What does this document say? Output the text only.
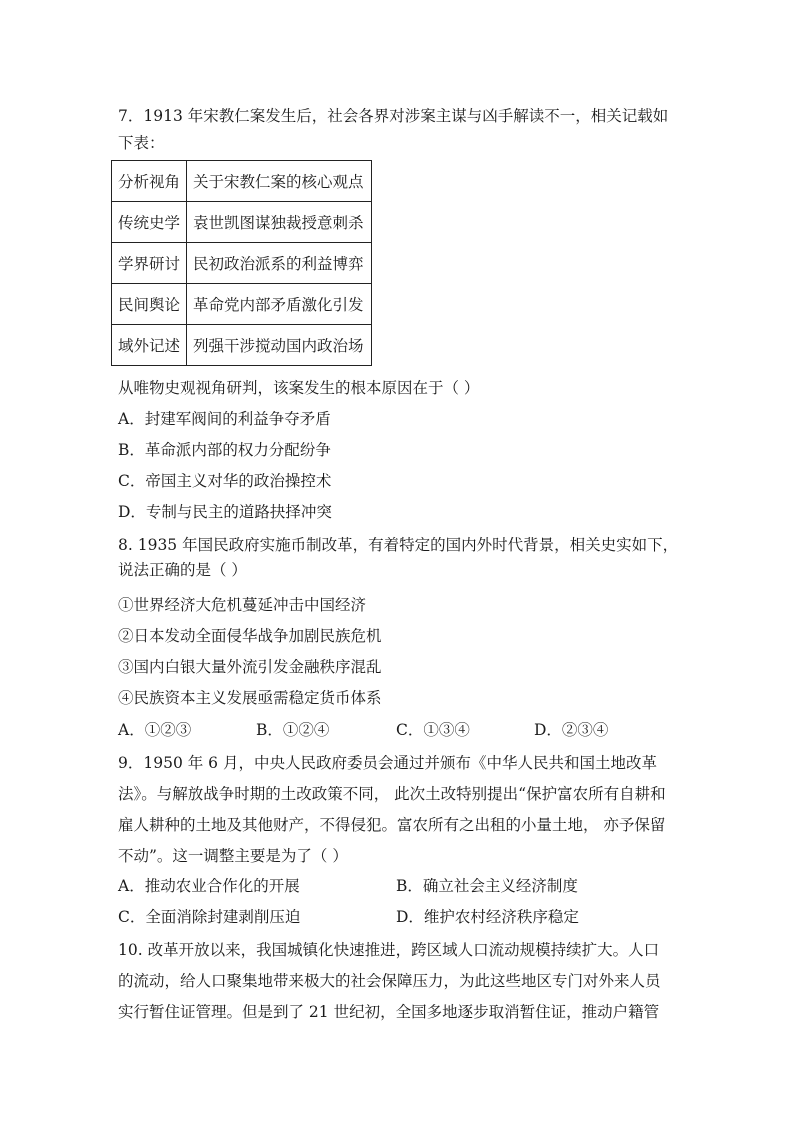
7．1913 年宋教仁案发生后，社会各界对涉案主谋与凶手解读不一，相关记载如
下表：
分析视角	关于宋教仁案的核心观点
传统史学	袁世凯图谋独裁授意刺杀
学界研讨	民初政治派系的利益博弈
民间舆论	革命党内部矛盾激化引发
域外记述	列强干涉搅动国内政治场
从唯物史观视角研判，该案发生的根本原因在于（ ）
A．封建军阀间的利益争夺矛盾
B．革命派内部的权力分配纷争
C．帝国主义对华的政治操控术
D．专制与民主的道路抉择冲突
8. 1935 年国民政府实施币制改革，有着特定的国内外时代背景，相关史实如下，
说法正确的是（ ）
①世界经济大危机蔓延冲击中国经济
②日本发动全面侵华战争加剧民族危机
③国内白银大量外流引发金融秩序混乱
④民族资本主义发展亟需稳定货币体系
A．①②③	B．①②④	C．①③④	D．②③④
9．1950 年 6 月，中央人民政府委员会通过并颁布《中华人民共和国土地改革
法》。与解放战争时期的土改政策不同， 此次土改特别提出“保护富农所有自耕和
雇人耕种的土地及其他财产，不得侵犯。富农所有之出租的小量土地， 亦予保留
不动”。这一调整主要是为了（ ）
A．推动农业合作化的开展	B．确立社会主义经济制度
C．全面消除封建剥削压迫	D．维护农村经济秩序稳定
10. 改革开放以来，我国城镇化快速推进，跨区域人口流动规模持续扩大。人口
的流动，给人口聚集地带来极大的社会保障压力，为此这些地区专门对外来人员
实行暂住证管理。但是到了 21 世纪初，全国多地逐步取消暂住证，推动户籍管
